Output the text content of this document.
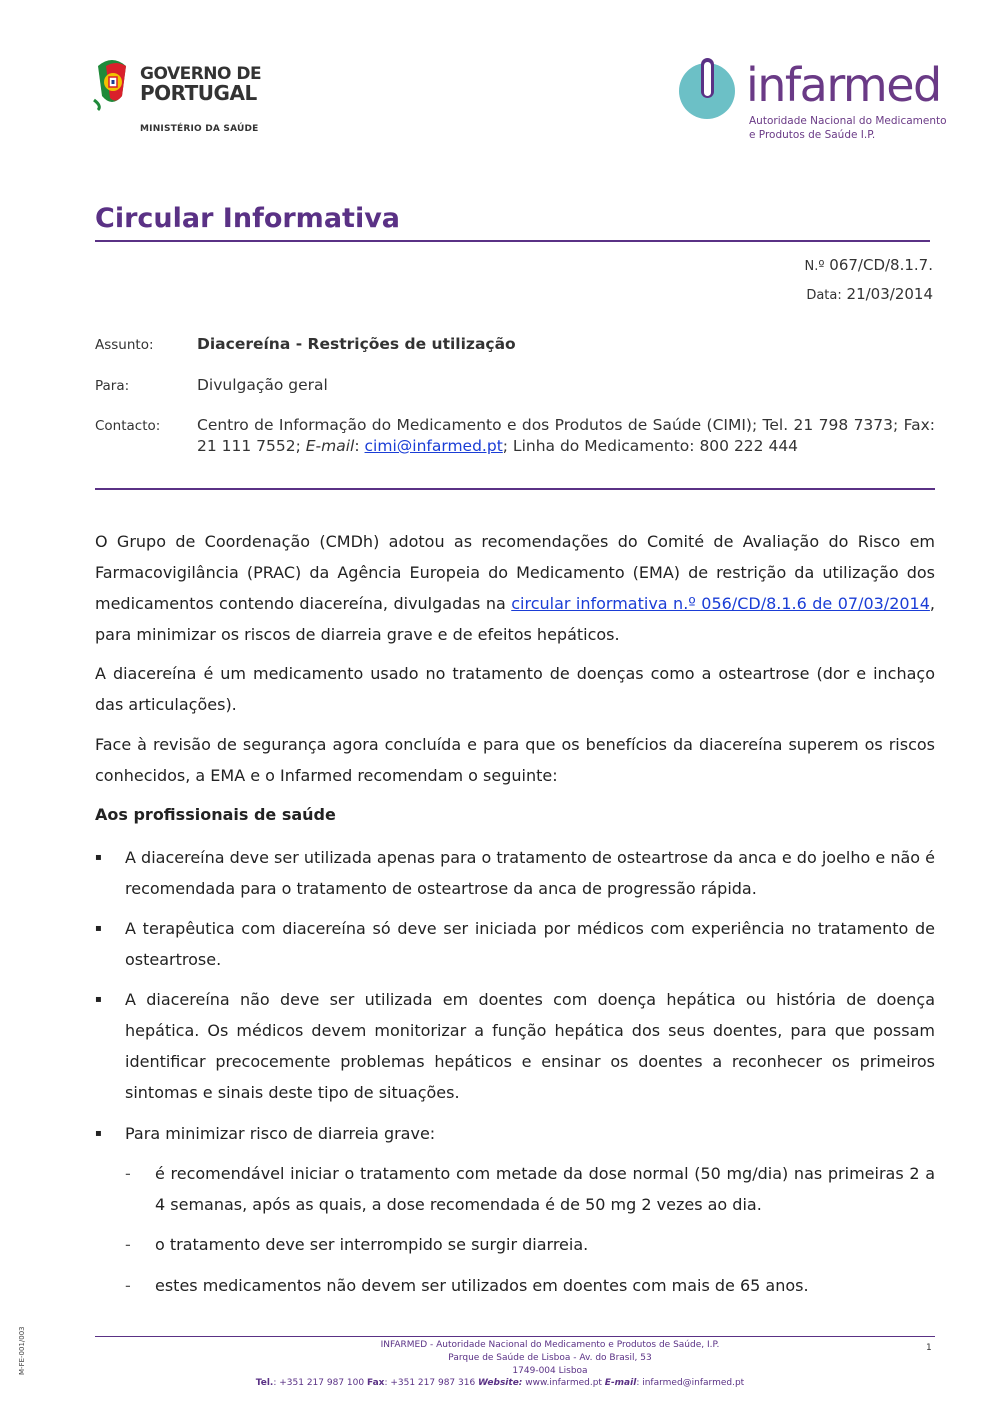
GOVERNO DE
PORTUGAL
MINISTÉRIO DA SAÚDE
infarmed
Autoridade Nacional do Medicamento
e Produtos de Saúde I.P.
Circular Informativa
N.º 067/CD/8.1.7.
Data: 21/03/2014
Assunto:	Diacereína - Restrições de utilização
Para:	Divulgação geral
Contacto: Centro de Informação do Medicamento e dos Produtos de Saúde (CIMI); Tel. 21 798 7373; Fax: 21 111 7552; E-mail: cimi@infarmed.pt; Linha do Medicamento: 800 222 444

O Grupo de Coordenação (CMDh) adotou as recomendações do Comité de Avaliação do Risco em Farmacovigilância (PRAC) da Agência Europeia do Medicamento (EMA) de restrição da utilização dos medicamentos contendo diacereína, divulgadas na circular informativa n.º 056/CD/8.1.6 de 07/03/2014, para minimizar os riscos de diarreia grave e de efeitos hepáticos.

A diacereína é um medicamento usado no tratamento de doenças como a osteartrose (dor e inchaço das articulações).

Face à revisão de segurança agora concluída e para que os benefícios da diacereína superem os riscos conhecidos, a EMA e o Infarmed recomendam o seguinte:

Aos profissionais de saúde
▪ A diacereína deve ser utilizada apenas para o tratamento de osteartrose da anca e do joelho e não é recomendada para o tratamento de osteartrose da anca de progressão rápida.
▪ A terapêutica com diacereína só deve ser iniciada por médicos com experiência no tratamento de osteartrose.
▪ A diacereína não deve ser utilizada em doentes com doença hepática ou história de doença hepática. Os médicos devem monitorizar a função hepática dos seus doentes, para que possam identificar precocemente problemas hepáticos e ensinar os doentes a reconhecer os primeiros sintomas e sinais deste tipo de situações.
▪ Para minimizar risco de diarreia grave:
- é recomendável iniciar o tratamento com metade da dose normal (50 mg/dia) nas primeiras 2 a 4 semanas, após as quais, a dose recomendada é de 50 mg 2 vezes ao dia.
- o tratamento deve ser interrompido se surgir diarreia.
- estes medicamentos não devem ser utilizados em doentes com mais de 65 anos.
INFARMED - Autoridade Nacional do Medicamento e Produtos de Saúde, I.P.
Parque de Saúde de Lisboa - Av. do Brasil, 53
1749-004 Lisboa
Tel.: +351 217 987 100 Fax: +351 217 987 316 Website: www.infarmed.pt E-mail: infarmed@infarmed.pt
1
M-FE-001/003
